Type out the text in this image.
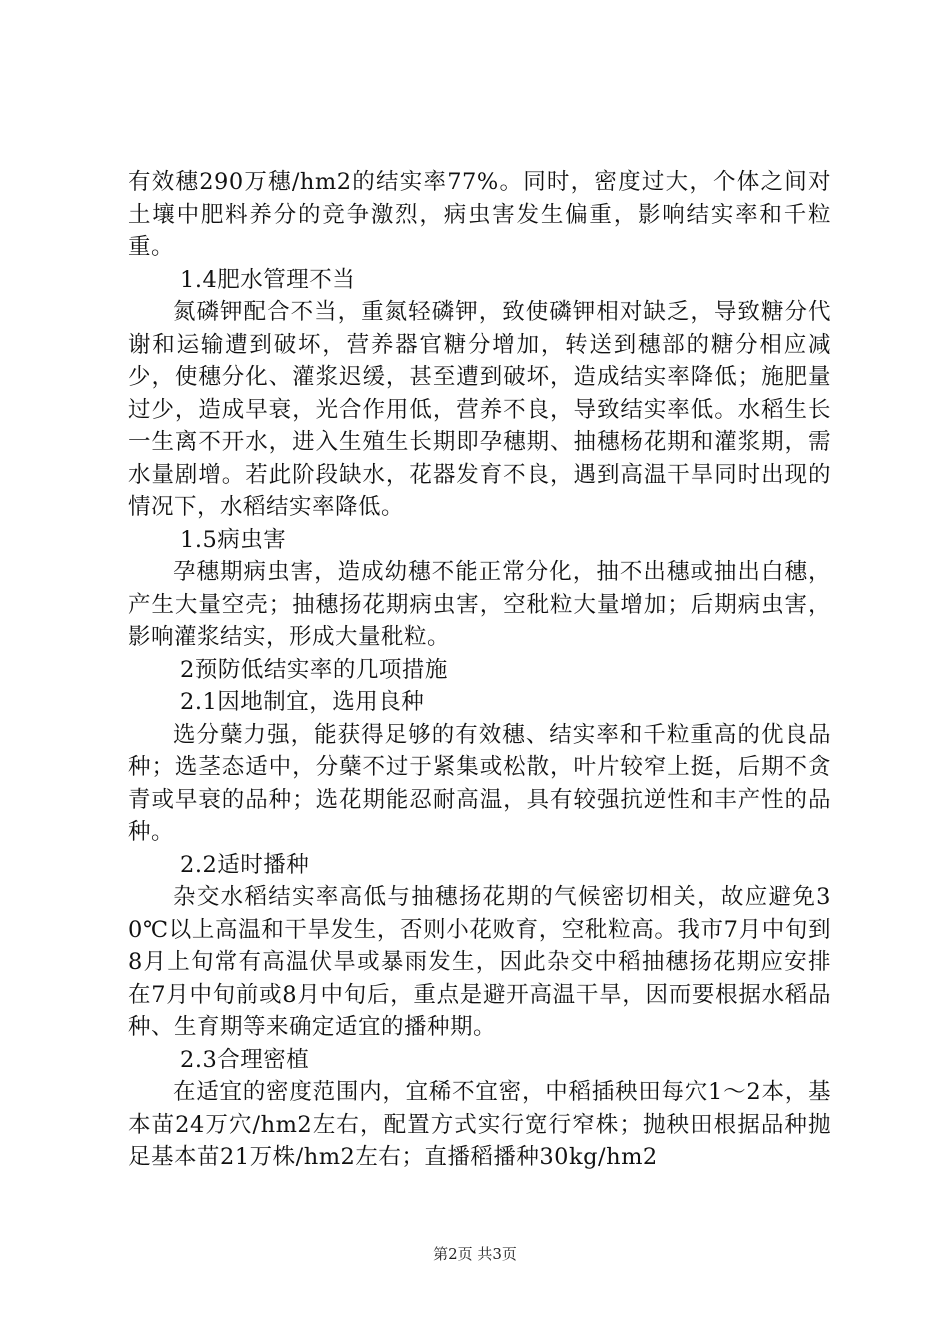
有效穗290万穗/hm2的结实率77%。同时，密度过大，个体之间对土壤中肥料养分的竞争激烈，病虫害发生偏重，影响结实率和千粒重。

1.4肥水管理不当

氮磷钾配合不当，重氮轻磷钾，致使磷钾相对缺乏，导致糖分代谢和运输遭到破坏，营养器官糖分增加，转送到穗部的糖分相应减少，使穗分化、灌浆迟缓，甚至遭到破坏，造成结实率降低；施肥量过少，造成早衰，光合作用低，营养不良，导致结实率低。水稻生长一生离不开水，进入生殖生长期即孕穗期、抽穗杨花期和灌浆期，需水量剧增。若此阶段缺水，花器发育不良，遇到高温干旱同时出现的情况下，水稻结实率降低。

1.5病虫害

孕穗期病虫害，造成幼穗不能正常分化，抽不出穗或抽出白穗，产生大量空壳；抽穗扬花期病虫害，空秕粒大量增加；后期病虫害，影响灌浆结实，形成大量秕粒。

2预防低结实率的几项措施

2.1因地制宜，选用良种

选分蘖力强，能获得足够的有效穗、结实率和千粒重高的优良品种；选茎态适中，分蘖不过于紧集或松散，叶片较窄上挺，后期不贪青或早衰的品种；选花期能忍耐高温，具有较强抗逆性和丰产性的品种。

2.2适时播种

杂交水稻结实率高低与抽穗扬花期的气候密切相关，故应避免30℃以上高温和干旱发生，否则小花败育，空秕粒高。我市7月中旬到8月上旬常有高温伏旱或暴雨发生，因此杂交中稻抽穗扬花期应安排在7月中旬前或8月中旬后，重点是避开高温干旱，因而要根据水稻品种、生育期等来确定适宜的播种期。

2.3合理密植

在适宜的密度范围内，宜稀不宜密，中稻插秧田每穴1～2本，基本苗24万穴/hm2左右，配置方式实行宽行窄株；抛秧田根据品种抛足基本苗21万株/hm2左右；直播稻播种30kg/hm2

第2页 共3页
